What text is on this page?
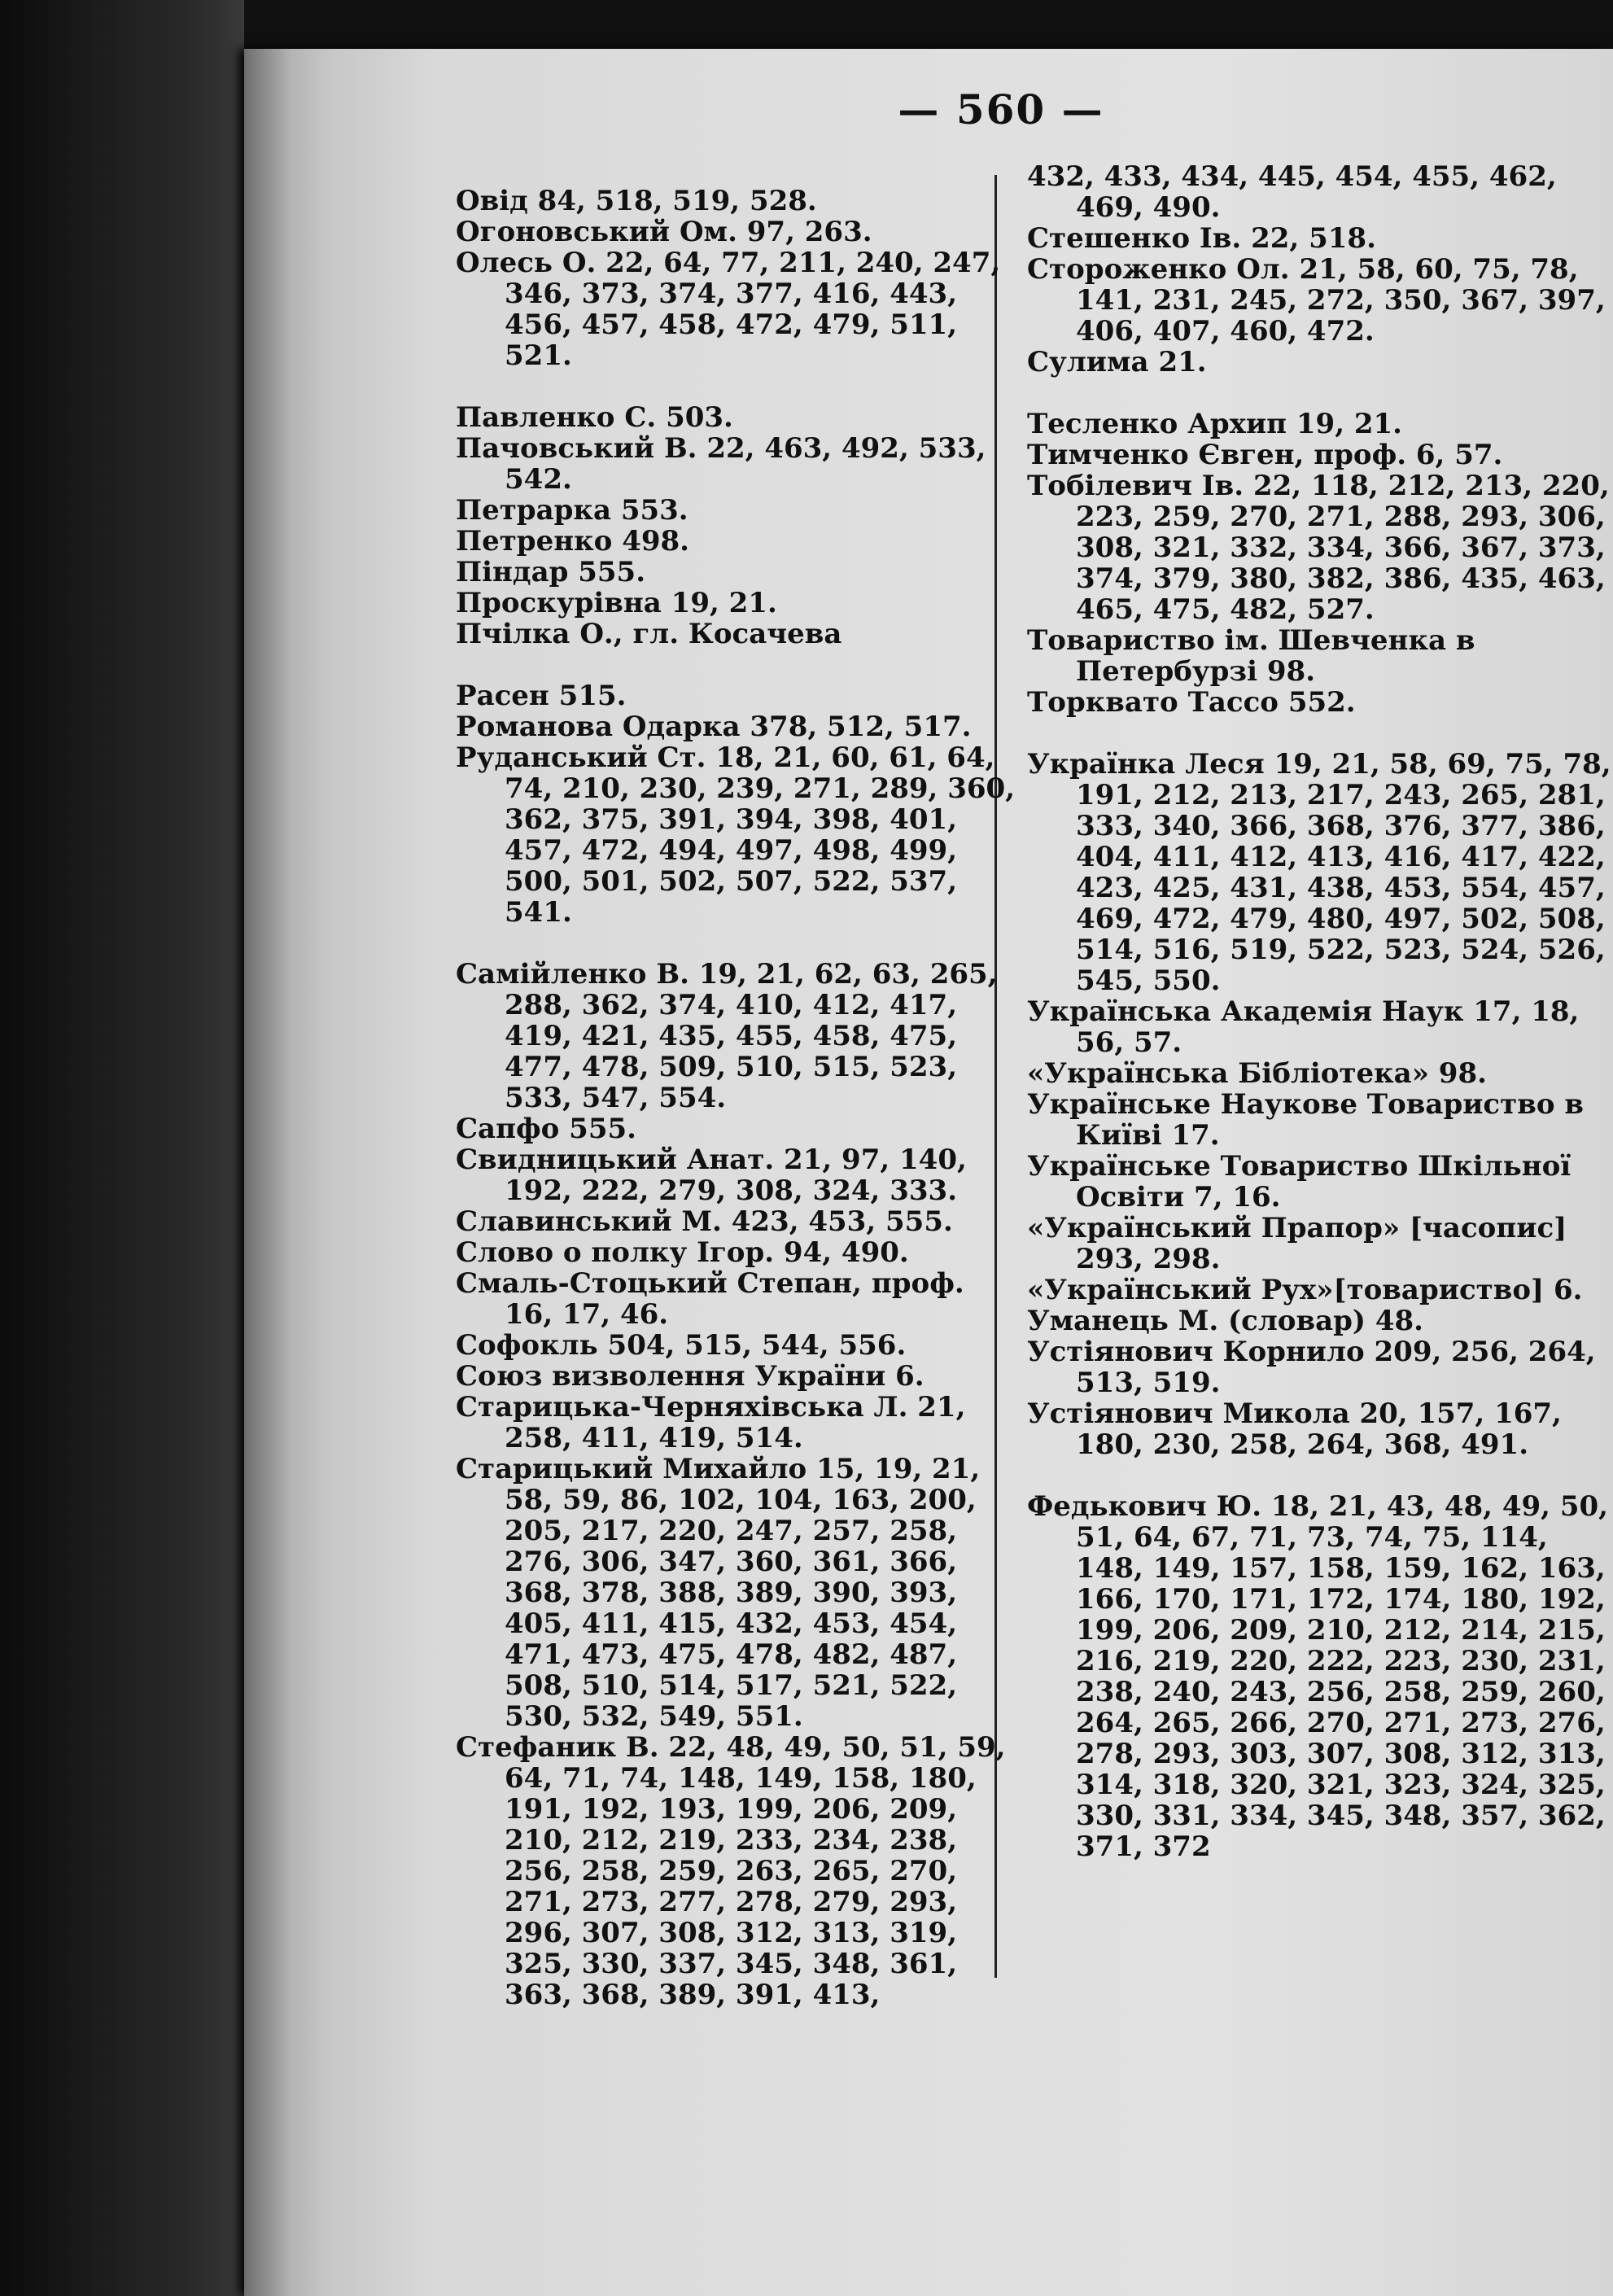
— 560 —

Овід 84, 518, 519, 528.

Огоновський Ом. 97, 263.

Олесь О. 22, 64, 77, 211, 240, 247, 346, 373, 374, 377, 416, 443, 456, 457, 458, 472, 479, 511, 521.

Павленко С. 503.

Пачовський В. 22, 463, 492, 533, 542.

Петрарка 553.

Петренко 498.

Піндар 555.

Проскурівна 19, 21.

Пчілка О., гл. Косачева

Расен 515.

Романова Одарка 378, 512, 517.

Руданський Ст. 18, 21, 60, 61, 64, 74, 210, 230, 239, 271, 289, 360, 362, 375, 391, 394, 398, 401, 457, 472, 494, 497, 498, 499, 500, 501, 502, 507, 522, 537, 541.

Самійленко В. 19, 21, 62, 63, 265, 288, 362, 374, 410, 412, 417, 419, 421, 435, 455, 458, 475, 477, 478, 509, 510, 515, 523, 533, 547, 554.

Сапфо 555.

Свидницький Анат. 21, 97, 140, 192, 222, 279, 308, 324, 333.

Славинський М. 423, 453, 555.

Слово о полку Ігор. 94, 490.

Смаль-Стоцький Степан, проф. 16, 17, 46.

Софокль 504, 515, 544, 556.

Союз визволення України 6.

Старицька-Черняхівська Л. 21, 258, 411, 419, 514.

Старицький Михайло 15, 19, 21, 58, 59, 86, 102, 104, 163, 200, 205, 217, 220, 247, 257, 258, 276, 306, 347, 360, 361, 366, 368, 378, 388, 389, 390, 393, 405, 411, 415, 432, 453, 454, 471, 473, 475, 478, 482, 487, 508, 510, 514, 517, 521, 522, 530, 532, 549, 551.

Стефаник В. 22, 48, 49, 50, 51, 59, 64, 71, 74, 148, 149, 158, 180, 191, 192, 193, 199, 206, 209, 210, 212, 219, 233, 234, 238, 256, 258, 259, 263, 265, 270, 271, 273, 277, 278, 279, 293, 296, 307, 308, 312, 313, 319, 325, 330, 337, 345, 348, 361, 363, 368, 389, 391, 413,

432, 433, 434, 445, 454, 455, 462, 469, 490.

Стешенко Ів. 22, 518.

Стороженко Ол. 21, 58, 60, 75, 78, 141, 231, 245, 272, 350, 367, 397, 406, 407, 460, 472.

Сулима 21.

Тесленко Архип 19, 21.

Тимченко Євген, проф. 6, 57.

Тобілевич Ів. 22, 118, 212, 213, 220, 223, 259, 270, 271, 288, 293, 306, 308, 321, 332, 334, 366, 367, 373, 374, 379, 380, 382, 386, 435, 463, 465, 475, 482, 527.

Товариство ім. Шевченка в Петербурзі 98.

Торквато Тассо 552.

Українка Леся 19, 21, 58, 69, 75, 78, 191, 212, 213, 217, 243, 265, 281, 333, 340, 366, 368, 376, 377, 386, 404, 411, 412, 413, 416, 417, 422, 423, 425, 431, 438, 453, 554, 457, 469, 472, 479, 480, 497, 502, 508, 514, 516, 519, 522, 523, 524, 526, 545, 550.

Українська Академія Наук 17, 18, 56, 57.

«Українська Бібліотека» 98.

Українське Наукове Товариство в Київі 17.

Українське Товариство Шкільної Освіти 7, 16.

«Український Прапор» [часопис] 293, 298.

«Український Рух»[товариство] 6.

Уманець М. (словар) 48.

Устіянович Корнило 209, 256, 264, 513, 519.

Устіянович Микола 20, 157, 167, 180, 230, 258, 264, 368, 491.

Федькович Ю. 18, 21, 43, 48, 49, 50, 51, 64, 67, 71, 73, 74, 75, 114, 148, 149, 157, 158, 159, 162, 163, 166, 170, 171, 172, 174, 180, 192, 199, 206, 209, 210, 212, 214, 215, 216, 219, 220, 222, 223, 230, 231, 238, 240, 243, 256, 258, 259, 260, 264, 265, 266, 270, 271, 273, 276, 278, 293, 303, 307, 308, 312, 313, 314, 318, 320, 321, 323, 324, 325, 330, 331, 334, 345, 348, 357, 362, 371, 372
